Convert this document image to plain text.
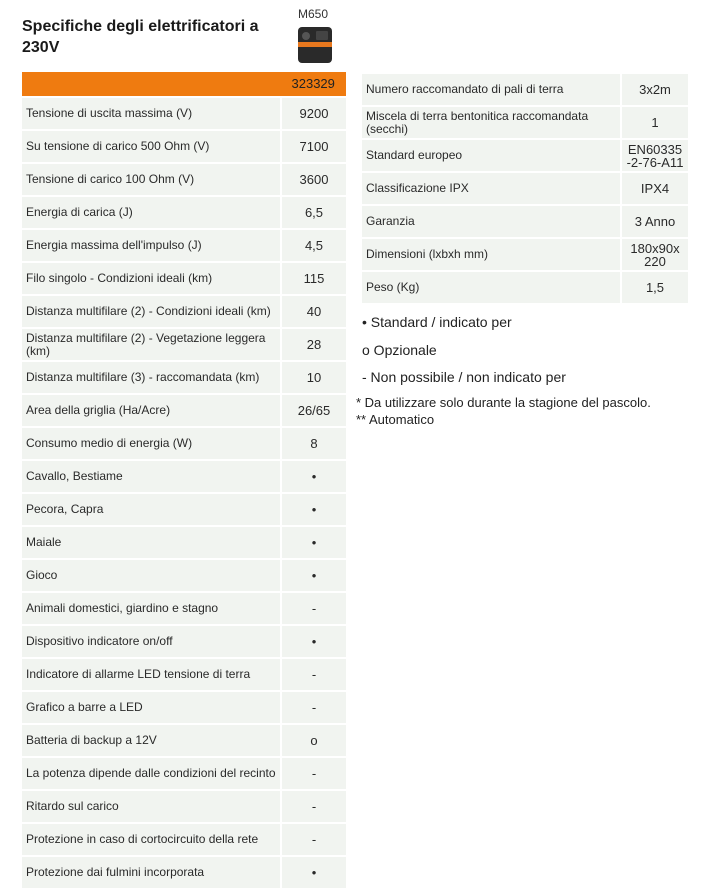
Specifiche degli elettrificatori a 230V
M650
323329
Tensione di uscita massima (V)	9200
Su tensione di carico 500 Ohm (V)	7100
Tensione di carico 100 Ohm (V)	3600
Energia di carica (J)	6,5
Energia massima dell'impulso (J)	4,5
Filo singolo - Condizioni ideali (km)	115
Distanza multifilare (2) - Condizioni ideali (km)	40
Distanza multifilare (2) - Vegetazione leggera (km)	28
Distanza multifilare (3) - raccomandata (km)	10
Area della griglia (Ha/Acre)	26/65
Consumo medio di energia (W)	8
Cavallo, Bestiame	•
Pecora, Capra	•
Maiale	•
Gioco	•
Animali domestici, giardino e stagno	-
Dispositivo indicatore on/off	•
Indicatore di allarme LED tensione di terra	-
Grafico a barre a LED	-
Batteria di backup a 12V	o
La potenza dipende dalle condizioni del recinto	-
Ritardo sul carico	-
Protezione in caso di cortocircuito della rete	-
Protezione dai fulmini incorporata	•
Numero raccomandato di pali di terra	3x2m
Miscela di terra bentonitica raccomandata (secchi)	1
Standard europeo	EN60335 -2-76-A11
Classificazione IPX	IPX4
Garanzia	3 Anno
Dimensioni (lxbxh mm)	180x90x 220
Peso (Kg)	1,5
• Standard / indicato per
o Opzionale
- Non possibile / non indicato per
* Da utilizzare solo durante la stagione del pascolo.
** Automatico
